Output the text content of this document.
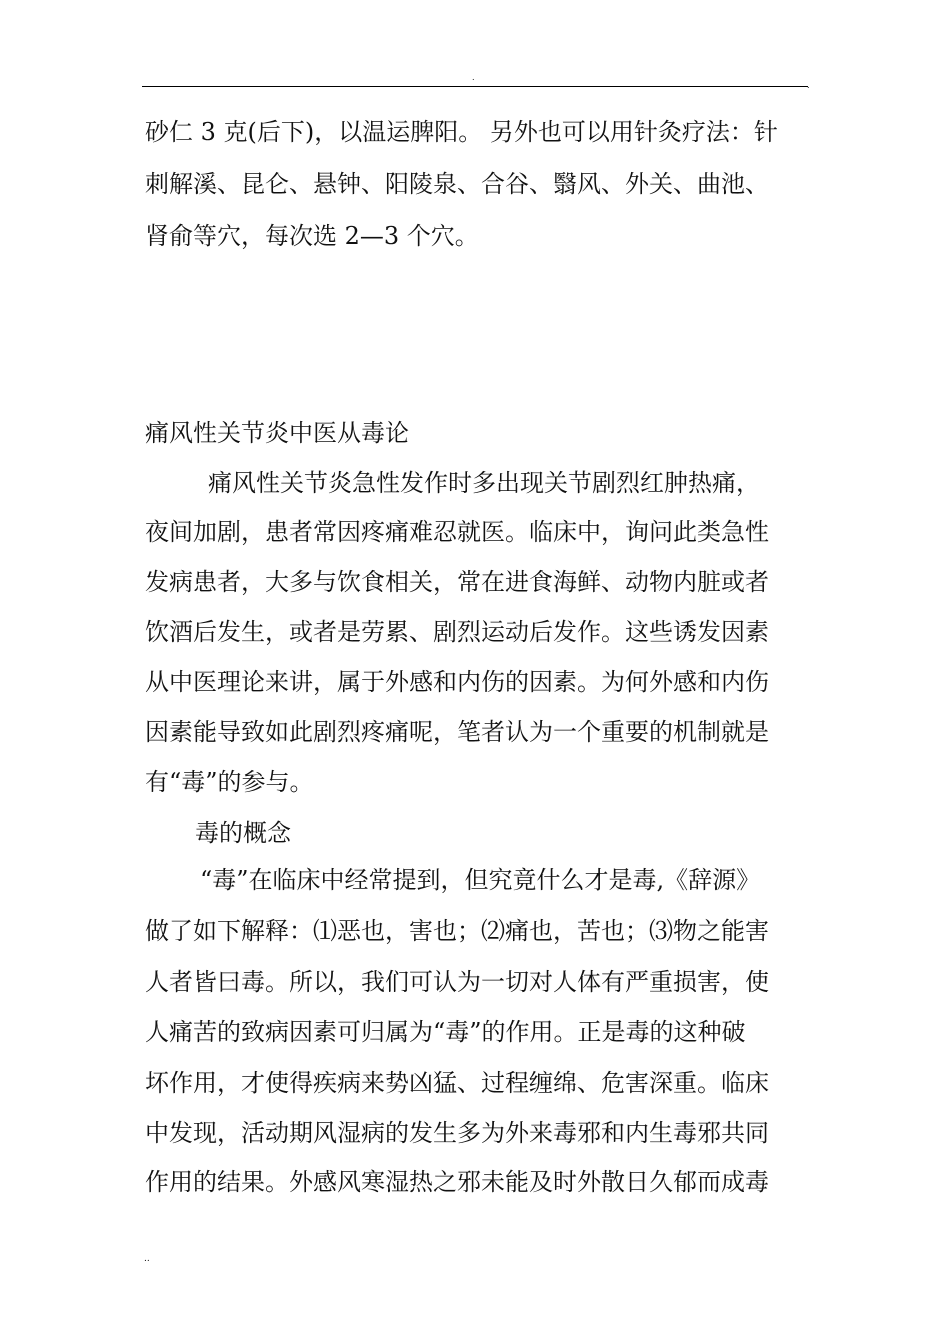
.
.
砂仁 3 克(后下)，以温运脾阳。 另外也可以用针灸疗法：针
刺解溪、昆仑、悬钟、阳陵泉、合谷、翳风、外关、曲池、
肾俞等穴，每次选 2—3 个穴。
痛风性关节炎中医从毒论
痛风性关节炎急性发作时多出现关节剧烈红肿热痛，
夜间加剧，患者常因疼痛难忍就医。临床中，询问此类急性
发病患者，大多与饮食相关，常在进食海鲜、动物内脏或者
饮酒后发生，或者是劳累、剧烈运动后发作。这些诱发因素
从中医理论来讲，属于外感和内伤的因素。为何外感和内伤
因素能导致如此剧烈疼痛呢，笔者认为一个重要的机制就是
有“毒”的参与。
毒的概念
“毒”在临床中经常提到，但究竟什么才是毒,《辞源》
做了如下解释：⑴恶也，害也；⑵痛也，苦也；⑶物之能害
人者皆曰毒。所以，我们可认为一切对人体有严重损害，使
人痛苦的致病因素可归属为“毒”的作用。正是毒的这种破
坏作用，才使得疾病来势凶猛、过程缠绵、危害深重。临床
中发现，活动期风湿病的发生多为外来毒邪和内生毒邪共同
作用的结果。外感风寒湿热之邪未能及时外散日久郁而成毒
..
